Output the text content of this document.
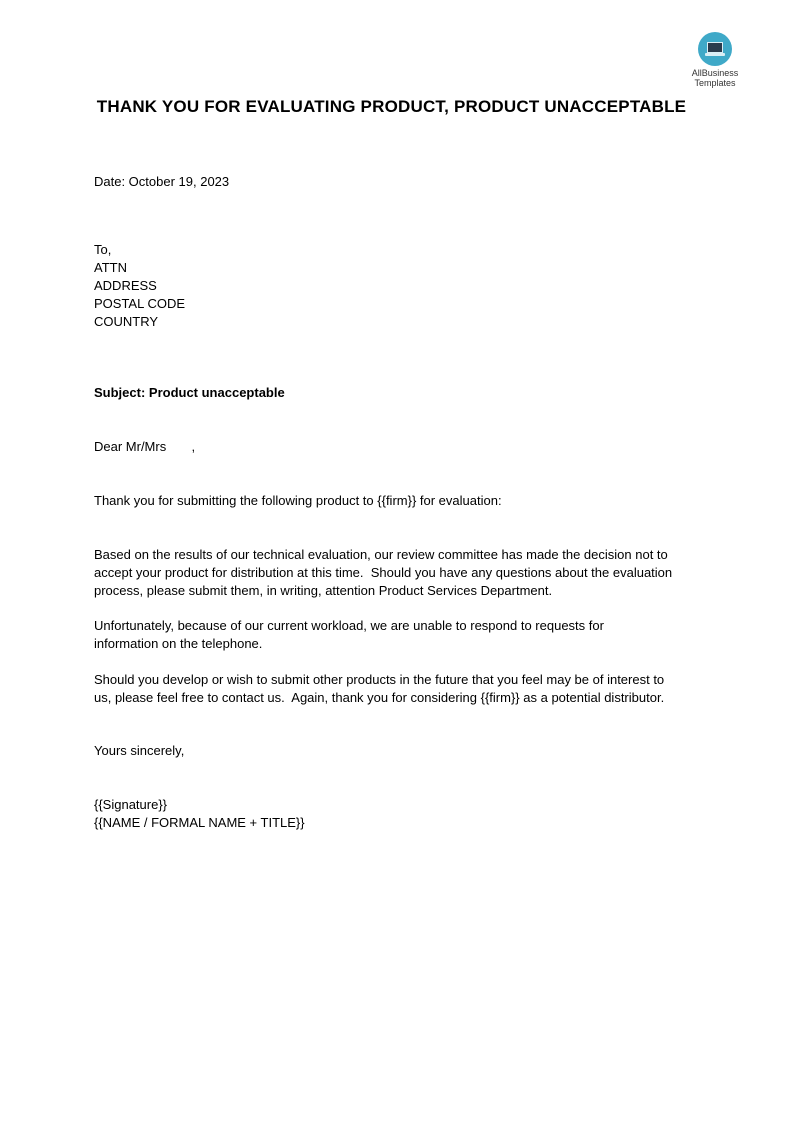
AllBusiness
Templates
THANK YOU FOR EVALUATING PRODUCT, PRODUCT UNACCEPTABLE

Date: October 19, 2023

To,

ATTN

ADDRESS

POSTAL CODE

COUNTRY

Subject: Product unacceptable

Dear Mr/Mrs       ,

Thank you for submitting the following product to {{firm}} for evaluation:

Based on the results of our technical evaluation, our review committee has made the decision not to

accept your product for distribution at this time.  Should you have any questions about the evaluation

process, please submit them, in writing, attention Product Services Department.

Unfortunately, because of our current workload, we are unable to respond to requests for

information on the telephone.

Should you develop or wish to submit other products in the future that you feel may be of interest to

us, please feel free to contact us.  Again, thank you for considering {{firm}} as a potential distributor.

Yours sincerely,

{{Signature}}

{{NAME / FORMAL NAME + TITLE}}
